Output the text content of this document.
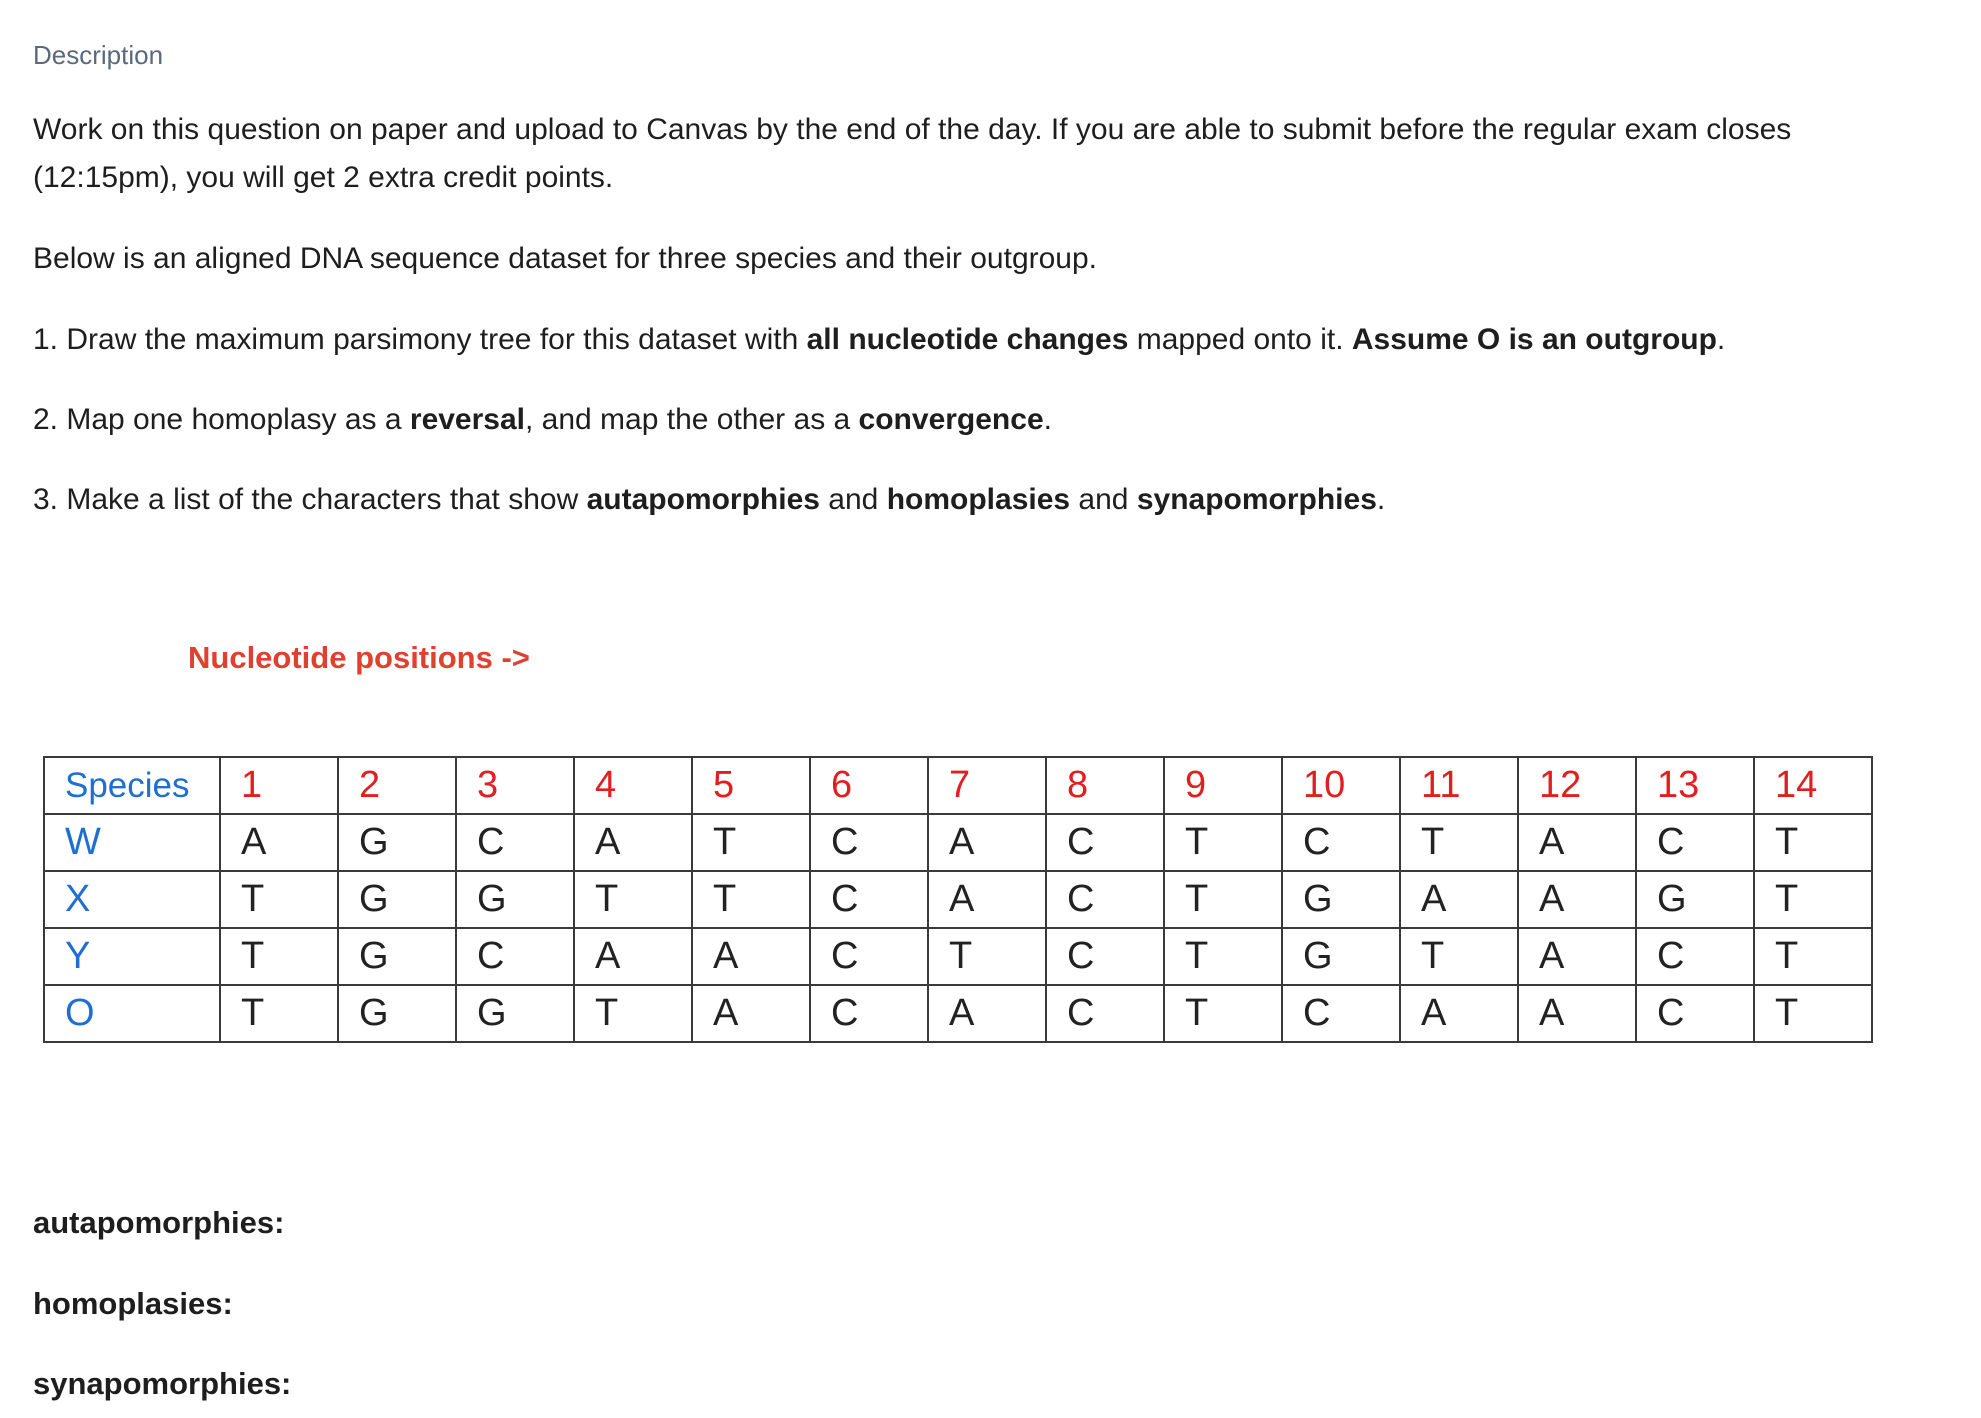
Description
Work on this question on paper and upload to Canvas by the end of the day. If you are able to submit before the regular exam closes (12:15pm), you will get 2 extra credit points.
Below is an aligned DNA sequence dataset for three species and their outgroup.
1. Draw the maximum parsimony tree for this dataset with all nucleotide changes mapped onto it. Assume O is an outgroup.
2. Map one homoplasy as a reversal, and map the other as a convergence.
3. Make a list of the characters that show autapomorphies and homoplasies and synapomorphies.
Nucleotide positions ->
Species	1	2	3	4	5	6	7	8	9	10	11	12	13	14
W	A	G	C	A	T	C	A	C	T	C	T	A	C	T
X	T	G	G	T	T	C	A	C	T	G	A	A	G	T
Y	T	G	C	A	A	C	T	C	T	G	T	A	C	T
O	T	G	G	T	A	C	A	C	T	C	A	A	C	T
autapomorphies:
homoplasies:
synapomorphies:
